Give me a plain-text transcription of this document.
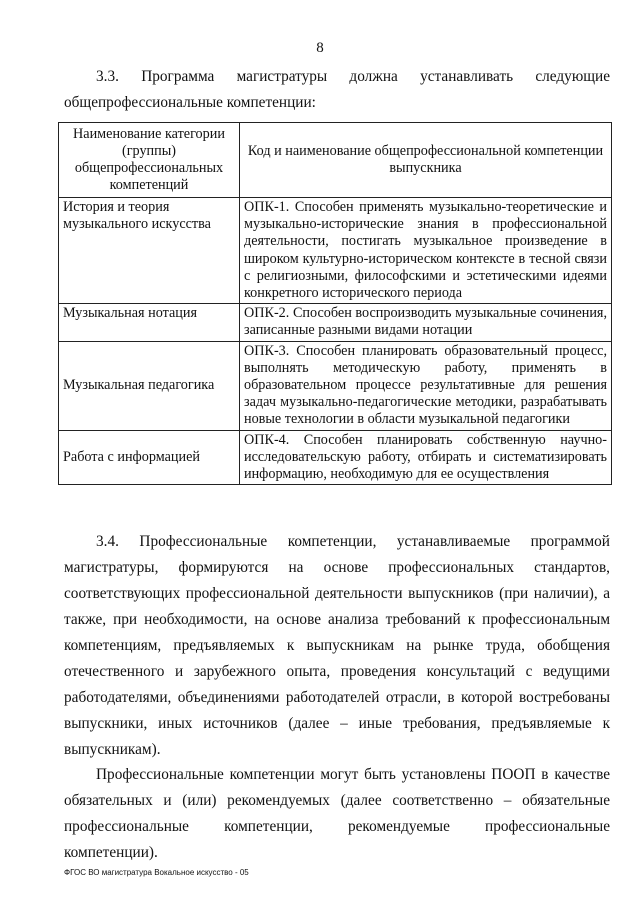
8
3.3. Программа магистратуры должна устанавливать следующие общепрофессиональные компетенции:
Наименование категории (группы) общепрофессиональных компетенций	Код и наименование общепрофессиональной компетенции выпускника
История и теория музыкального искусства	ОПК-1. Способен применять музыкально-теоретические и музыкально-исторические знания в профессиональной деятельности, постигать музыкальное произведение в широком культурно-историческом контексте в тесной связи с религиозными, философскими и эстетическими идеями конкретного исторического периода
Музыкальная нотация	ОПК-2. Способен воспроизводить музыкальные сочинения, записанные разными видами нотации
Музыкальная педагогика	ОПК-3. Способен планировать образовательный процесс, выполнять методическую работу, применять в образовательном процессе результативные для решения задач музыкально-педагогические методики, разрабатывать новые технологии в области музыкальной педагогики
Работа с информацией	ОПК-4. Способен планировать собственную научно-исследовательскую работу, отбирать и систематизировать информацию, необходимую для ее осуществления
3.4. Профессиональные компетенции, устанавливаемые программой магистратуры, формируются на основе профессиональных стандартов, соответствующих профессиональной деятельности выпускников (при наличии), а также, при необходимости, на основе анализа требований к профессиональным компетенциям, предъявляемых к выпускникам на рынке труда, обобщения отечественного и зарубежного опыта, проведения консультаций с ведущими работодателями, объединениями работодателей отрасли, в которой востребованы выпускники, иных источников (далее – иные требования, предъявляемые к выпускникам).
Профессиональные компетенции могут быть установлены ПООП в качестве обязательных и (или) рекомендуемых (далее соответственно – обязательные профессиональные компетенции, рекомендуемые профессиональные компетенции).
ФГОС ВО магистратура Вокальное искусство - 05
